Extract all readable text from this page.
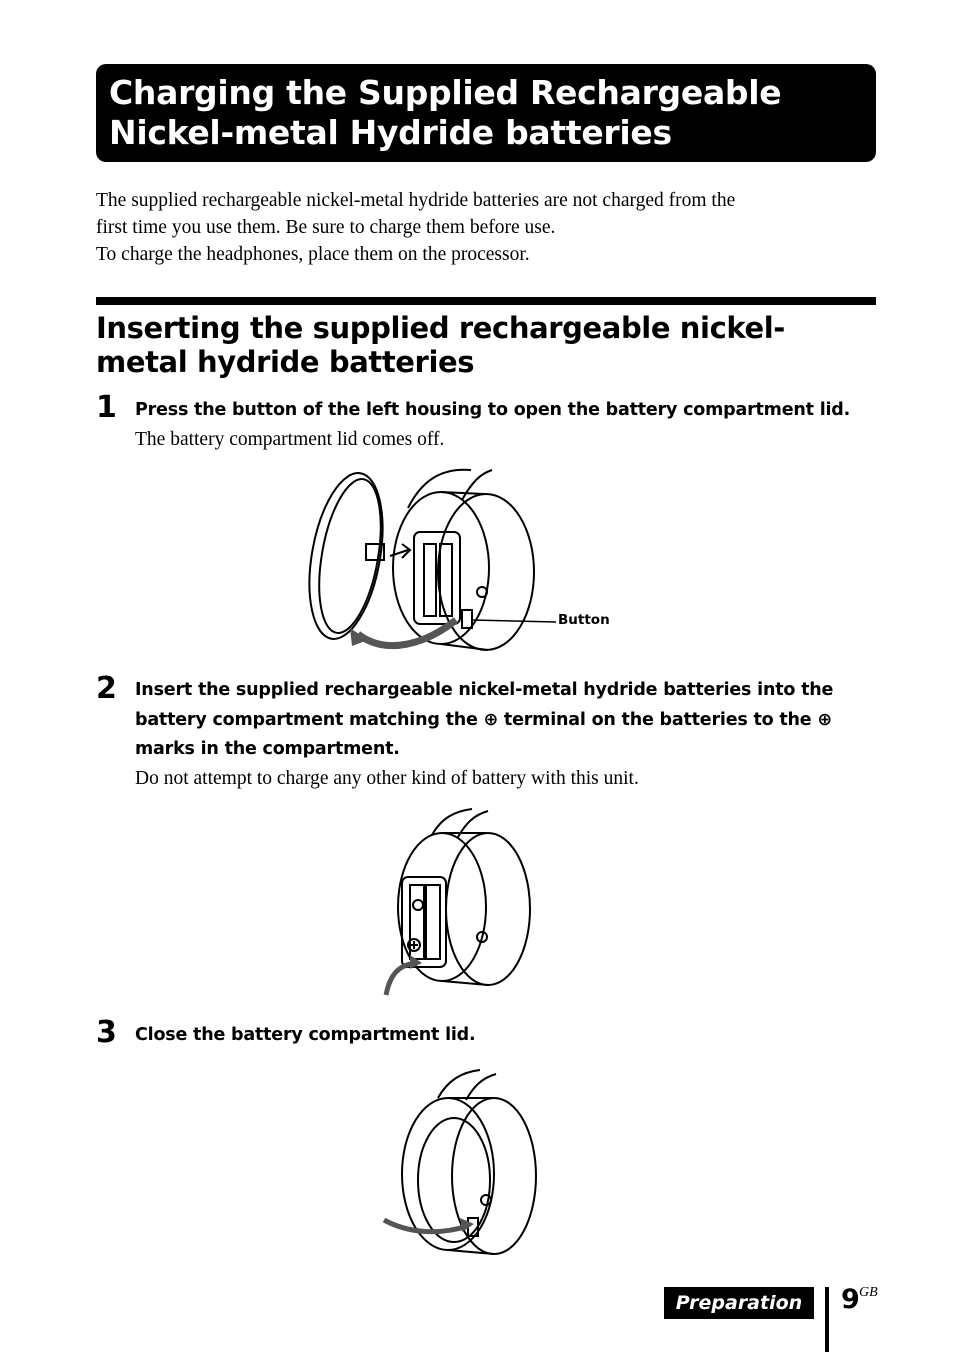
Charging the Supplied Rechargeable
Nickel-metal Hydride batteries
The supplied rechargeable nickel-metal hydride batteries are not charged from the
first time you use them. Be sure to charge them before use.
To charge the headphones, place them on the processor.
Inserting the supplied rechargeable nickel-
metal hydride batteries
1 Press the button of the left housing to open the battery compartment lid.
The battery compartment lid comes off.
Button
2 Insert the supplied rechargeable nickel-metal hydride batteries into the
battery compartment matching the ⊕ terminal on the batteries to the ⊕
marks in the compartment.
Do not attempt to charge any other kind of battery with this unit.
3 Close the battery compartment lid.
Preparation	9 GB
